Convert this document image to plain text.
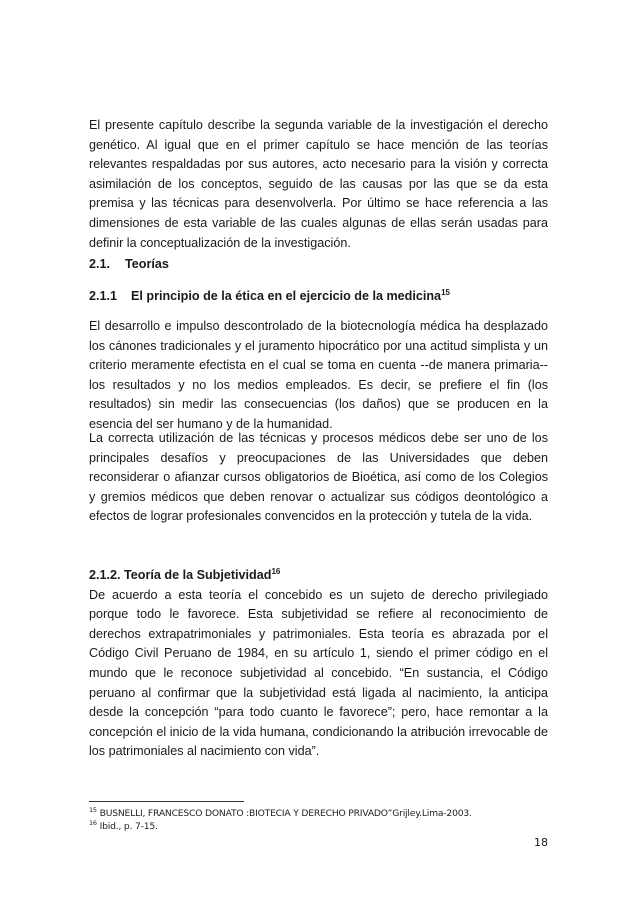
El presente capítulo describe la segunda variable de la investigación el derecho genético. Al igual que en el primer capítulo se hace mención de las teorías relevantes respaldadas por sus autores, acto necesario para la visión y correcta asimilación de los conceptos, seguido de las causas por las que se da esta premisa y las técnicas para desenvolverla. Por último se hace referencia a las dimensiones de esta variable de las cuales algunas de ellas serán usadas para definir la conceptualización de la investigación.

2.1. Teorías
2.1.1 El principio de la ética en el ejercicio de la medicina$^{15}$

El desarrollo e impulso descontrolado de la biotecnología médica ha desplazado los cánones tradicionales y el juramento hipocrático por una actitud simplista y un criterio meramente efectista en el cual se toma en cuenta --de manera primaria-- los resultados y no los medios empleados. Es decir, se prefiere el fin (los resultados) sin medir las consecuencias (los daños) que se producen en la esencia del ser humano y de la humanidad.

La correcta utilización de las técnicas y procesos médicos debe ser uno de los principales desafíos y preocupaciones de las Universidades que deben reconsiderar o afianzar cursos obligatorios de Bioética, así como de los Colegios y gremios médicos que deben renovar o actualizar sus códigos deontológico a efectos de lograr profesionales convencidos en la protección y tutela de la vida.

2.1.2. Teoría de la Subjetividad$^{16}$

De acuerdo a esta teoría el concebido es un sujeto de derecho privilegiado porque todo le favorece. Esta subjetividad se refiere al reconocimiento de derechos extrapatrimoniales y patrimoniales. Esta teoría es abrazada por el Código Civil Peruano de 1984, en su artículo 1, siendo el primer código en el mundo que le reconoce subjetividad al concebido. “En sustancia, el Código peruano al confirmar que la subjetividad está ligada al nacimiento, la anticipa desde la concepción “para todo cuanto le favorece”; pero, hace remontar a la concepción el inicio de la vida humana, condicionando la atribución irrevocable de los patrimoniales al nacimiento con vida”.

$^{15}$ BUSNELLI, FRANCESCO DONATO :BIOTECIA Y DERECHO PRIVADO”Grijley.Lima-2003.
$^{16}$ Ibid., p. 7-15.
18
